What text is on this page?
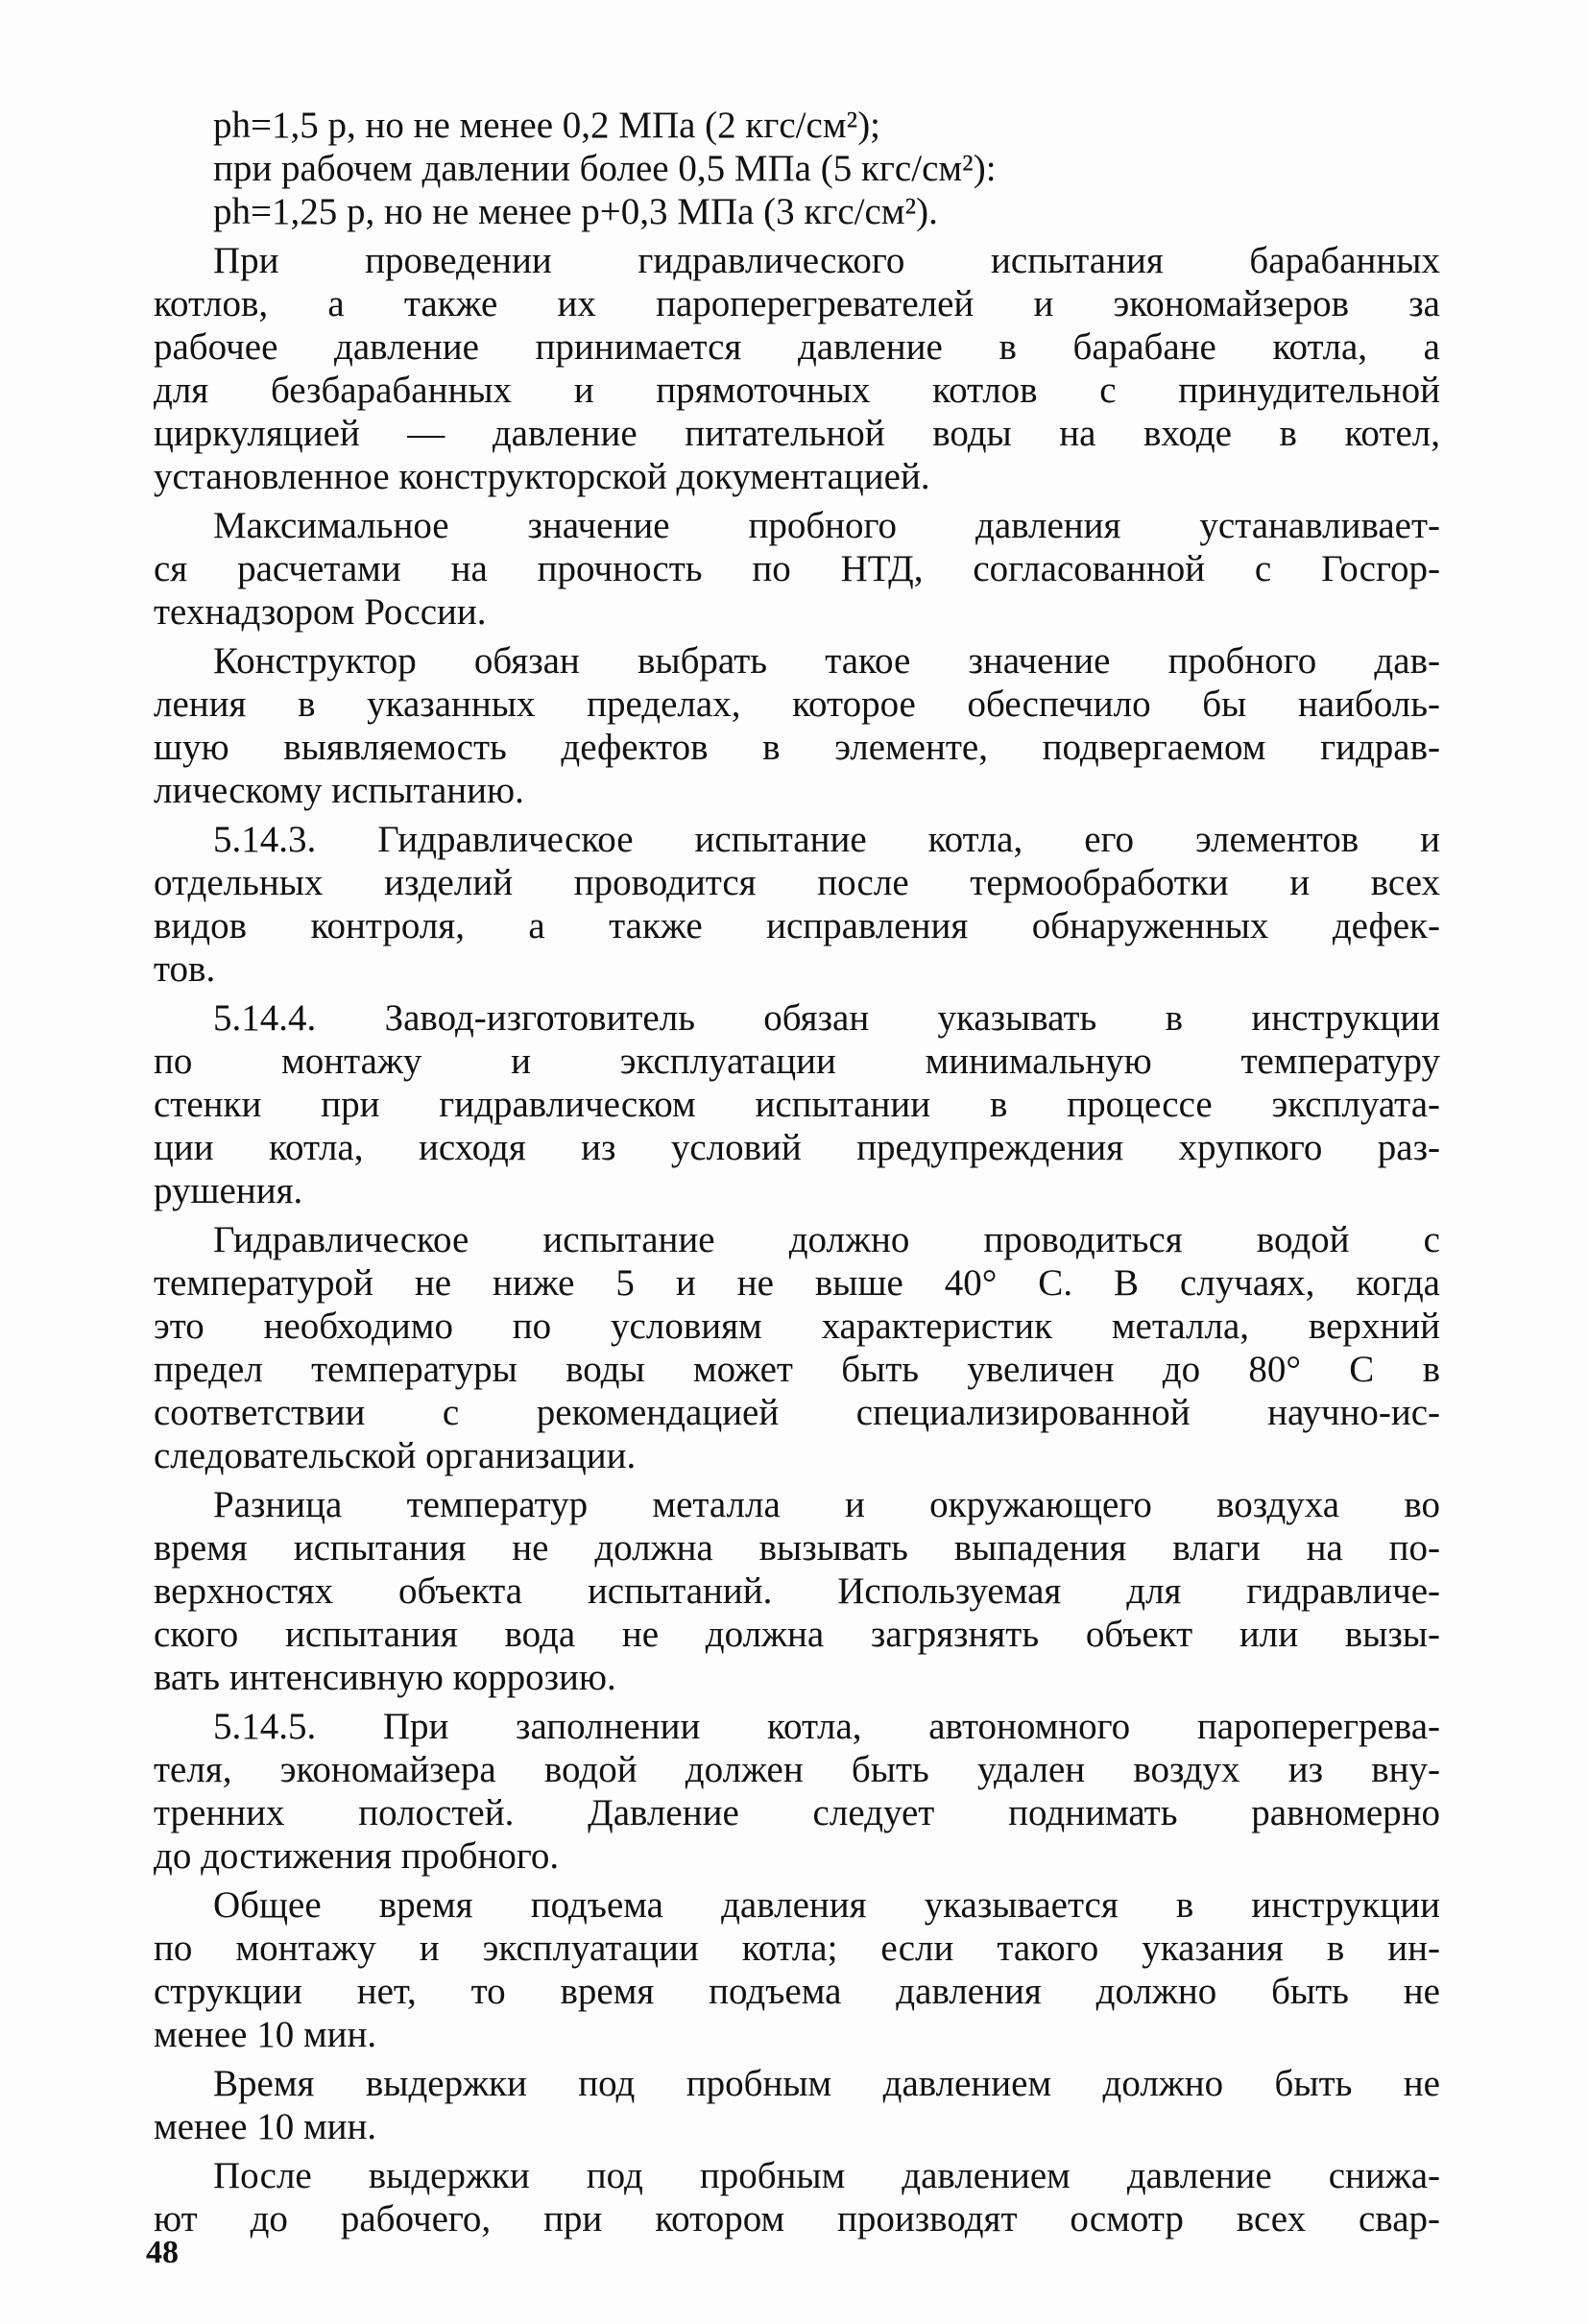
рh=1,5 р, но не менее 0,2 МПа (2 кгс/см²);
при рабочем давлении более 0,5 МПа (5 кгс/см²):
рh=1,25 р, но не менее р+0,3 МПа (3 кгс/см²).
При проведении гидравлического испытания барабанных
котлов, а также их пароперегревателей и экономайзеров за
рабочее давление принимается давление в барабане котла, а
для безбарабанных и прямоточных котлов с принудительной
циркуляцией — давление питательной воды на входе в котел,
установленное конструкторской документацией.
Максимальное значение пробного давления устанавливает-
ся расчетами на прочность по НТД, согласованной с Госгор-
технадзором России.
Конструктор обязан выбрать такое значение пробного дав-
ления в указанных пределах, которое обеспечило бы наиболь-
шую выявляемость дефектов в элементе, подвергаемом гидрав-
лическому испытанию.
5.14.3. Гидравлическое испытание котла, его элементов и
отдельных изделий проводится после термообработки и всех
видов контроля, а также исправления обнаруженных дефек-
тов.
5.14.4. Завод-изготовитель обязан указывать в инструкции
по монтажу и эксплуатации минимальную температуру
стенки при гидравлическом испытании в процессе эксплуата-
ции котла, исходя из условий предупреждения хрупкого раз-
рушения.
Гидравлическое испытание должно проводиться водой с
температурой не ниже 5 и не выше 40° С. В случаях, когда
это необходимо по условиям характеристик металла, верхний
предел температуры воды может быть увеличен до 80° С в
соответствии с рекомендацией специализированной научно-ис-
следовательской организации.
Разница температур металла и окружающего воздуха во
время испытания не должна вызывать выпадения влаги на по-
верхностях объекта испытаний. Используемая для гидравличе-
ского испытания вода не должна загрязнять объект или вызы-
вать интенсивную коррозию.
5.14.5. При заполнении котла, автономного пароперегрева-
теля, экономайзера водой должен быть удален воздух из вну-
тренних полостей. Давление следует поднимать равномерно
до достижения пробного.
Общее время подъема давления указывается в инструкции
по монтажу и эксплуатации котла; если такого указания в ин-
струкции нет, то время подъема давления должно быть не
менее 10 мин.
Время выдержки под пробным давлением должно быть не
менее 10 мин.
После выдержки под пробным давлением давление снижа-
ют до рабочего, при котором производят осмотр всех свар-
48
